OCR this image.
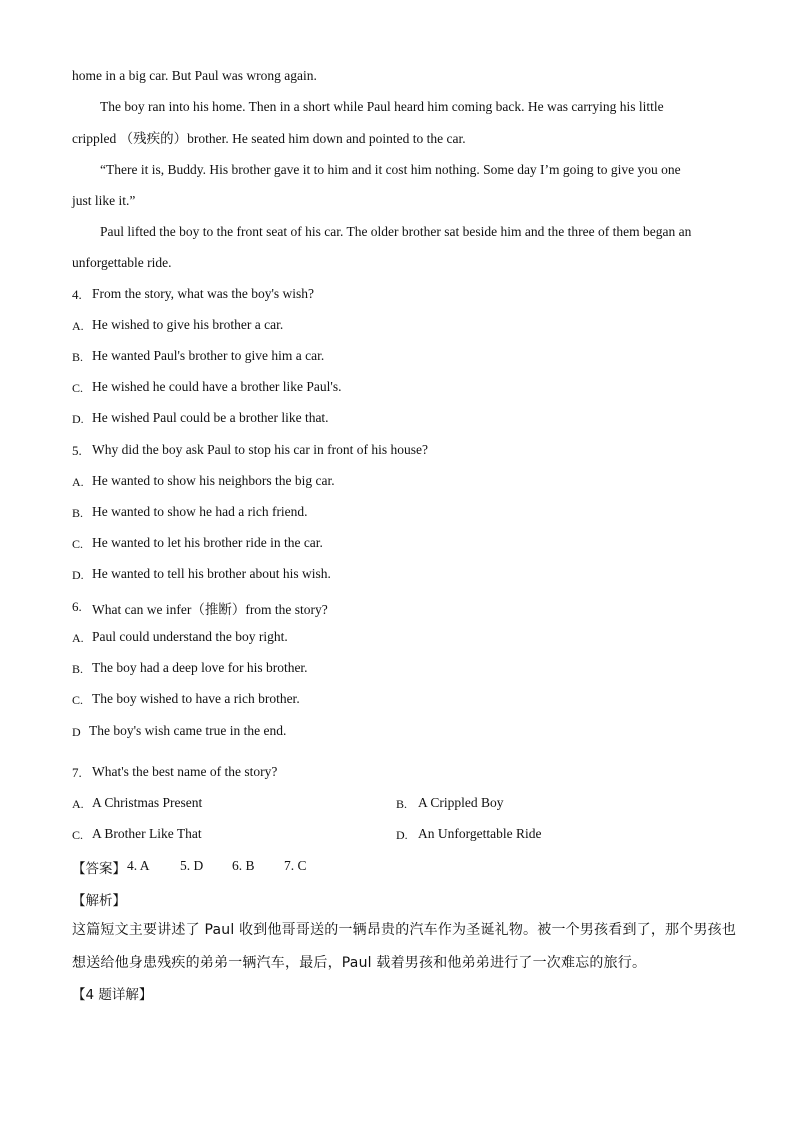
home in a big car. But Paul was wrong again.
The boy ran into his home. Then in a short while Paul heard him coming back. He was carrying his little
crippled （残疾的）brother. He seated him down and pointed to the car.
“There it is, Buddy. His brother gave it to him and it cost him nothing. Some day I’m going to give you one
just like it.”
Paul lifted the boy to the front seat of his car. The older brother sat beside him and the three of them began an
unforgettable ride.
4. From the story, what was the boy's wish?
A. He wished to give his brother a car.
B. He wanted Paul's brother to give him a car.
C. He wished he could have a brother like Paul's.
D. He wished Paul could be a brother like that.
5. Why did the boy ask Paul to stop his car in front of his house?
A. He wanted to show his neighbors the big car.
B. He wanted to show he had a rich friend.
C. He wanted to let his brother ride in the car.
D. He wanted to tell his brother about his wish.
6. What can we infer（推断）from the story?
A. Paul could understand the boy right.
B. The boy had a deep love for his brother.
C. The boy wished to have a rich brother.
D The boy's wish came true in the end.
7. What's the best name of the story?
A. A Christmas Present	B. A Crippled Boy
C. A Brother Like That	D. An Unforgettable Ride
【答案】 4. A 5. D 6. B 7. C
【解析】
这篇短文主要讲述了 Paul 收到他哥哥送的一辆昂贵的汽车作为圣诞礼物。被一个男孩看到了，那个男孩也
想送给他身患残疾的弟弟一辆汽车，最后，Paul 载着男孩和他弟弟进行了一次难忘的旅行。
【4 题详解】
